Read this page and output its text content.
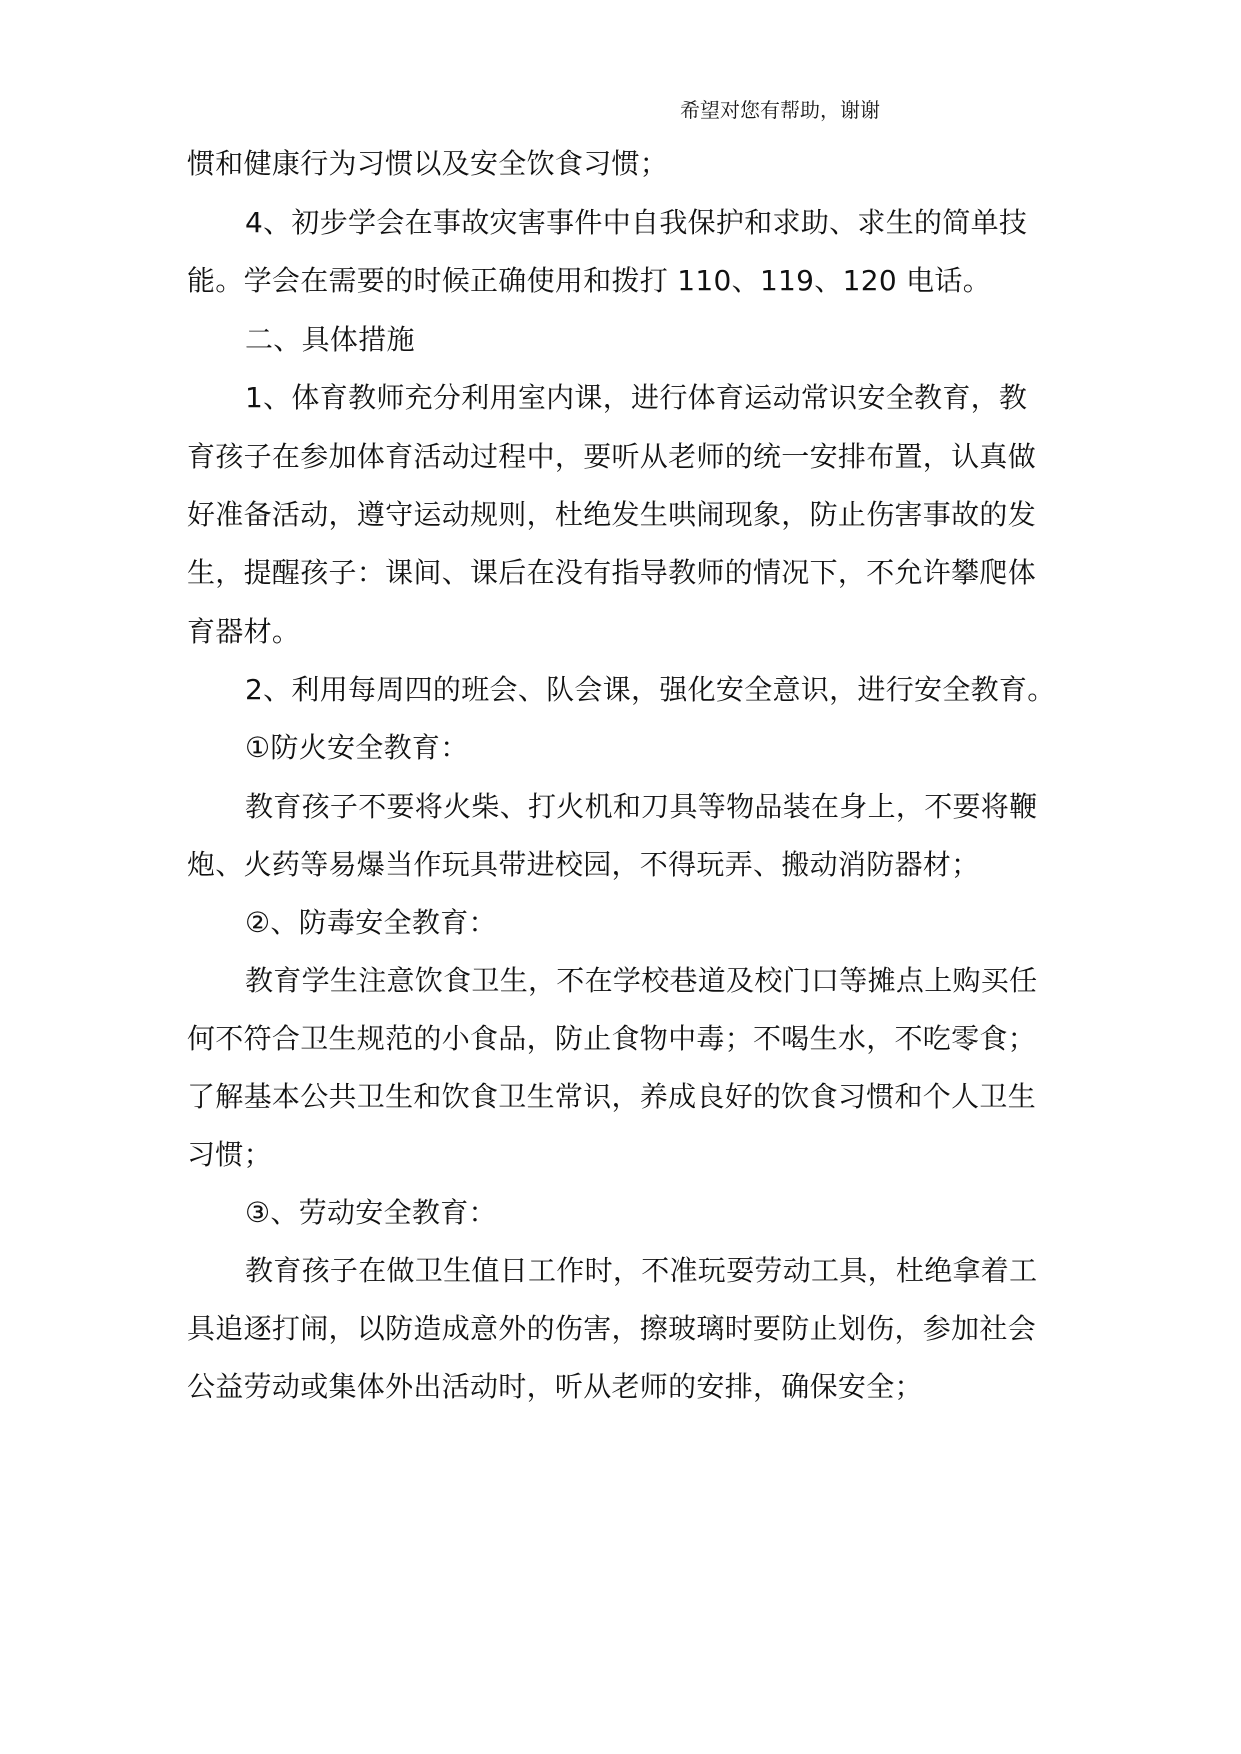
希望对您有帮助，谢谢
惯和健康行为习惯以及安全饮食习惯；
4、初步学会在事故灾害事件中自我保护和求助、求生的简单技
能。学会在需要的时候正确使用和拨打 110、119、120 电话。
二、具体措施
1、体育教师充分利用室内课，进行体育运动常识安全教育，教
育孩子在参加体育活动过程中，要听从老师的统一安排布置，认真做
好准备活动，遵守运动规则，杜绝发生哄闹现象，防止伤害事故的发
生，提醒孩子：课间、课后在没有指导教师的情况下，不允许攀爬体
育器材。
2、利用每周四的班会、队会课，强化安全意识，进行安全教育。
①防火安全教育：
教育孩子不要将火柴、打火机和刀具等物品装在身上，不要将鞭
炮、火药等易爆当作玩具带进校园，不得玩弄、搬动消防器材；
②、防毒安全教育：
教育学生注意饮食卫生，不在学校巷道及校门口等摊点上购买任
何不符合卫生规范的小食品，防止食物中毒；不喝生水，不吃零食；
了解基本公共卫生和饮食卫生常识，养成良好的饮食习惯和个人卫生
习惯；
③、劳动安全教育：
教育孩子在做卫生值日工作时，不准玩耍劳动工具，杜绝拿着工
具追逐打闹，以防造成意外的伤害，擦玻璃时要防止划伤，参加社会
公益劳动或集体外出活动时，听从老师的安排，确保安全；
